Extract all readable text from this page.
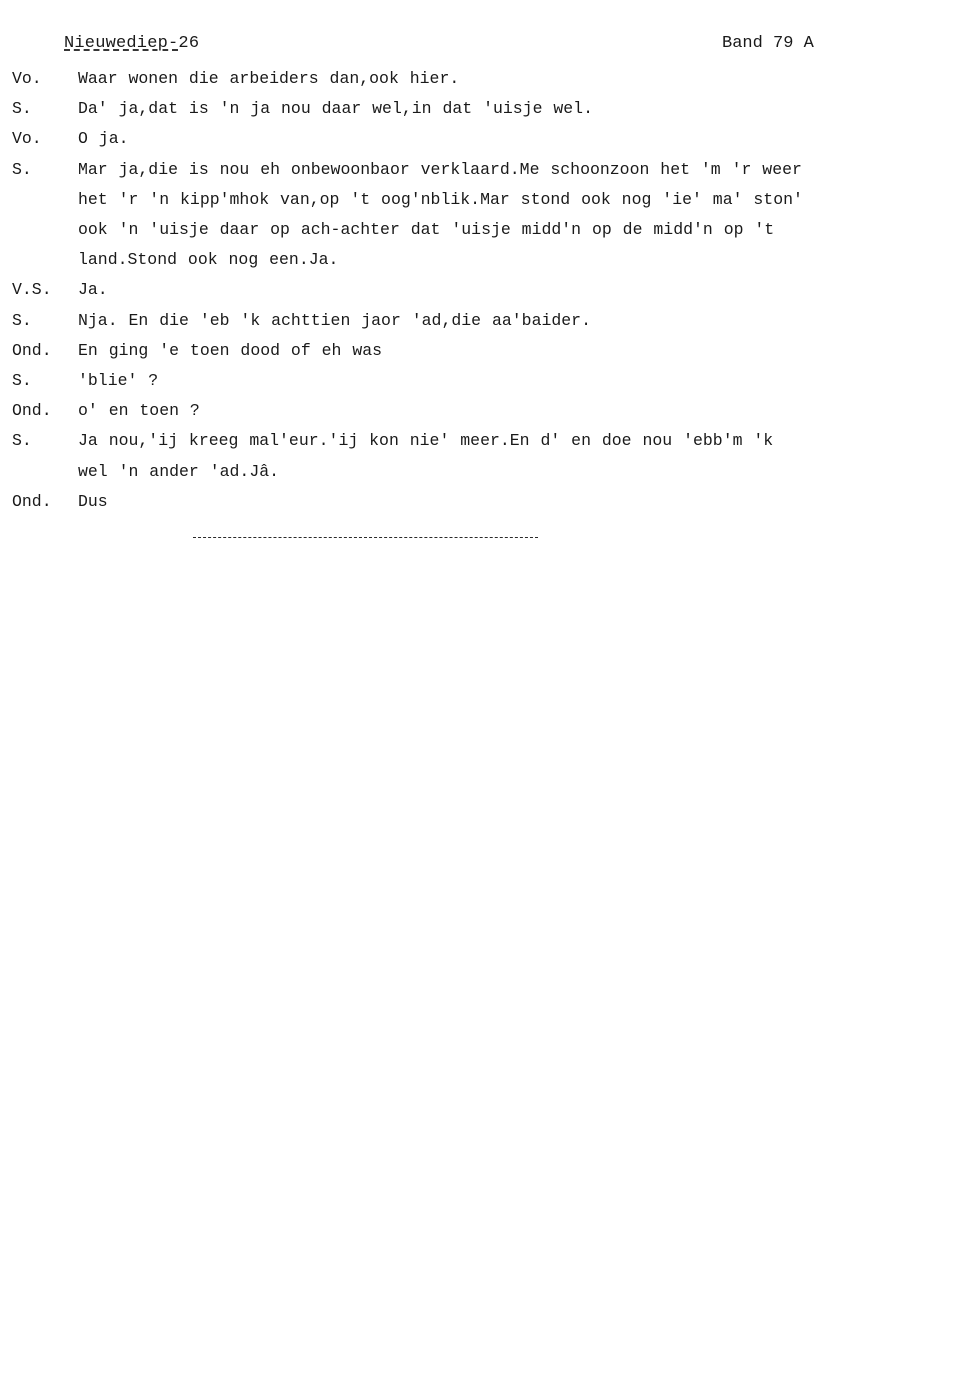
Nieuwediep-26	Band 79 A
Vo.	Waar wonen die arbeiders dan,ook hier.
S.	Da' ja,dat is 'n ja nou daar wel,in dat 'uisje wel.
Vo.	O ja.
S.	Mar ja,die is nou eh onbewoonbaor verklaard.Me schoonzoon het 'm 'r weer
het 'r 'n kipp'mhok van,op 't oog'nblik.Mar stond ook nog 'ie' ma' ston'
ook 'n 'uisje daar op ach-achter dat 'uisje midd'n op de midd'n op 't
land.Stond ook nog een.Ja.
V.S.	Ja.
S.	Nja. En die 'eb 'k achttien jaor 'ad,die aa'baider.
Ond.	En ging 'e toen dood of eh was
S.	'blie' ?
Ond.	o' en toen ?
S.	Ja nou,'ij kreeg mal'eur.'ij kon nie' meer.En d' en doe nou 'ebb'm 'k
wel 'n ander 'ad.Jâ.
Ond.	Dus
